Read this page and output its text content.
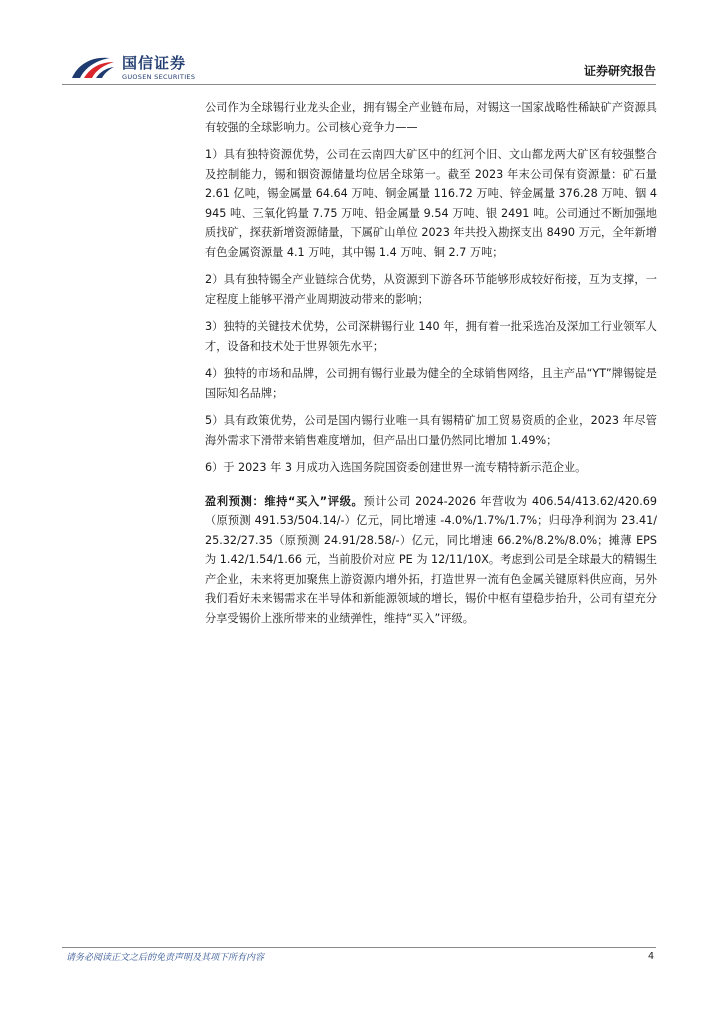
国信证券
GUOSEN SECURITIES	证券研究报告

公司作为全球锡行业龙头企业，拥有锡全产业链布局，对锡这一国家战略性稀缺矿产资源具有较强的全球影响力。公司核心竞争力——

1）具有独特资源优势，公司在云南四大矿区中的红河个旧、文山都龙两大矿区有较强整合及控制能力，锡和铟资源储量均位居全球第一。截至 2023 年末公司保有资源量：矿石量 2.61 亿吨，锡金属量 64.64 万吨、铜金属量 116.72 万吨、锌金属量 376.28 万吨、铟 4945 吨、三氧化钨量 7.75 万吨、铅金属量 9.54 万吨、银 2491 吨。公司通过不断加强地质找矿，探获新增资源储量，下属矿山单位 2023 年共投入勘探支出 8490 万元，全年新增有色金属资源量 4.1 万吨，其中锡 1.4 万吨、铜 2.7 万吨；

2）具有独特锡全产业链综合优势，从资源到下游各环节能够形成较好衔接，互为支撑，一定程度上能够平滑产业周期波动带来的影响；

3）独特的关键技术优势，公司深耕锡行业 140 年，拥有着一批采选冶及深加工行业领军人才，设备和技术处于世界领先水平；

4）独特的市场和品牌，公司拥有锡行业最为健全的全球销售网络，且主产品“YT”牌锡锭是国际知名品牌；

5）具有政策优势，公司是国内锡行业唯一具有锡精矿加工贸易资质的企业，2023 年尽管海外需求下滑带来销售难度增加，但产品出口量仍然同比增加 1.49%；

6）于 2023 年 3 月成功入选国务院国资委创建世界一流专精特新示范企业。

盈利预测：维持“买入”评级。预计公司 2024-2026 年营收为 406.54/413.62/420.69（原预测 491.53/504.14/-）亿元，同比增速 -4.0%/1.7%/1.7%；归母净利润为 23.41/25.32/27.35（原预测 24.91/28.58/-）亿元，同比增速 66.2%/8.2%/8.0%；摊薄 EPS 为 1.42/1.54/1.66 元，当前股价对应 PE 为 12/11/10X。考虑到公司是全球最大的精锡生产企业，未来将更加聚焦上游资源内增外拓，打造世界一流有色金属关键原料供应商，另外我们看好未来锡需求在半导体和新能源领域的增长，锡价中枢有望稳步抬升，公司有望充分分享受锡价上涨所带来的业绩弹性，维持“买入”评级。

请务必阅读正文之后的免责声明及其项下所有内容	4
